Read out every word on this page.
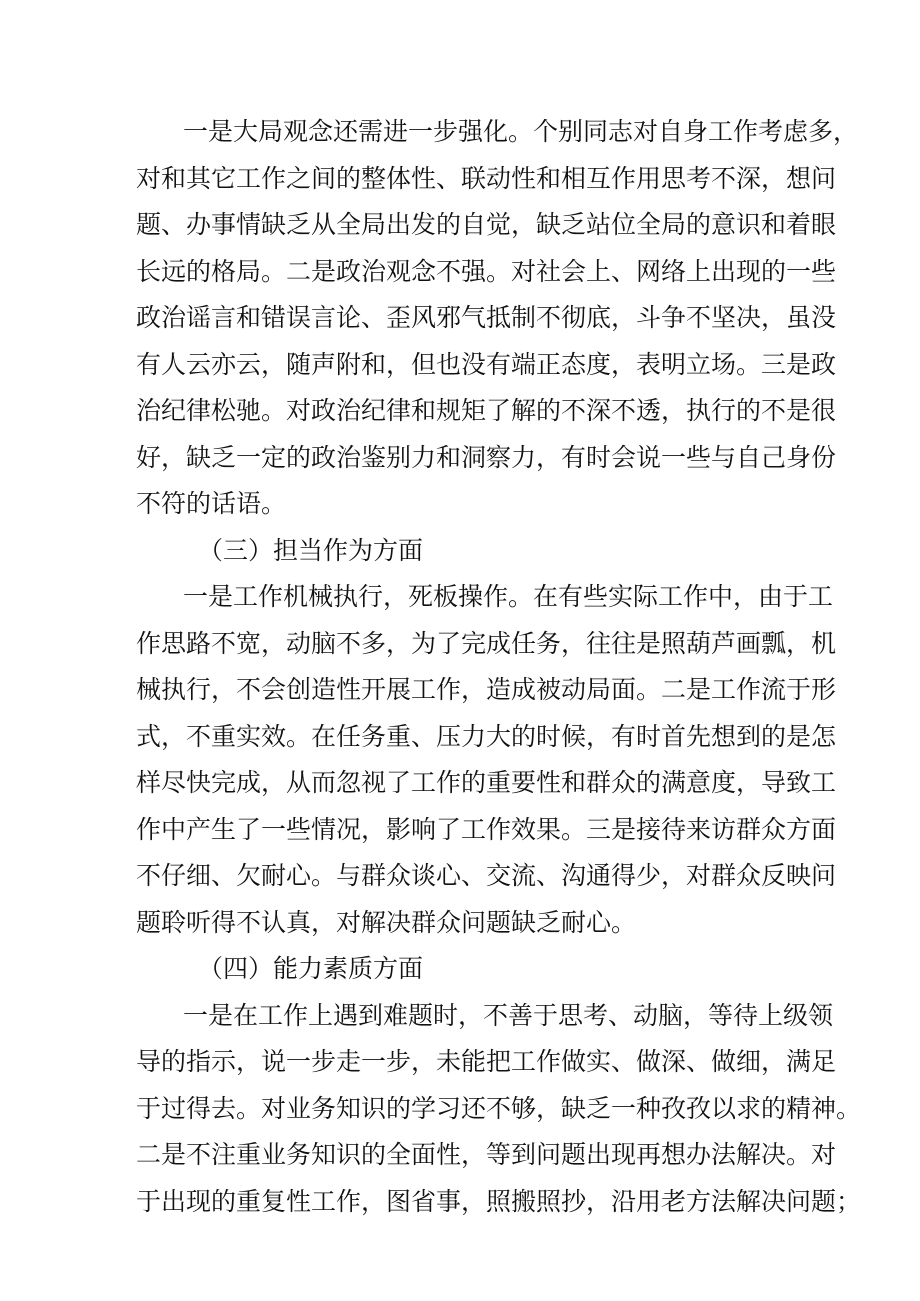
一是大局观念还需进一步强化。个别同志对自身工作考虑多，
对和其它工作之间的整体性、联动性和相互作用思考不深，想问
题、办事情缺乏从全局出发的自觉，缺乏站位全局的意识和着眼
长远的格局。二是政治观念不强。对社会上、网络上出现的一些
政治谣言和错误言论、歪风邪气抵制不彻底，斗争不坚决，虽没
有人云亦云，随声附和，但也没有端正态度，表明立场。三是政
治纪律松驰。对政治纪律和规矩了解的不深不透，执行的不是很
好，缺乏一定的政治鉴别力和洞察力，有时会说一些与自己身份
不符的话语。
（三）担当作为方面
一是工作机械执行，死板操作。在有些实际工作中，由于工
作思路不宽，动脑不多，为了完成任务，往往是照葫芦画瓢，机
械执行，不会创造性开展工作，造成被动局面。二是工作流于形
式，不重实效。在任务重、压力大的时候，有时首先想到的是怎
样尽快完成，从而忽视了工作的重要性和群众的满意度，导致工
作中产生了一些情况，影响了工作效果。三是接待来访群众方面
不仔细、欠耐心。与群众谈心、交流、沟通得少，对群众反映问
题聆听得不认真，对解决群众问题缺乏耐心。
（四）能力素质方面
一是在工作上遇到难题时，不善于思考、动脑，等待上级领
导的指示，说一步走一步，未能把工作做实、做深、做细，满足
于过得去。对业务知识的学习还不够，缺乏一种孜孜以求的精神。
二是不注重业务知识的全面性，等到问题出现再想办法解决。对
于出现的重复性工作，图省事，照搬照抄，沿用老方法解决问题；
